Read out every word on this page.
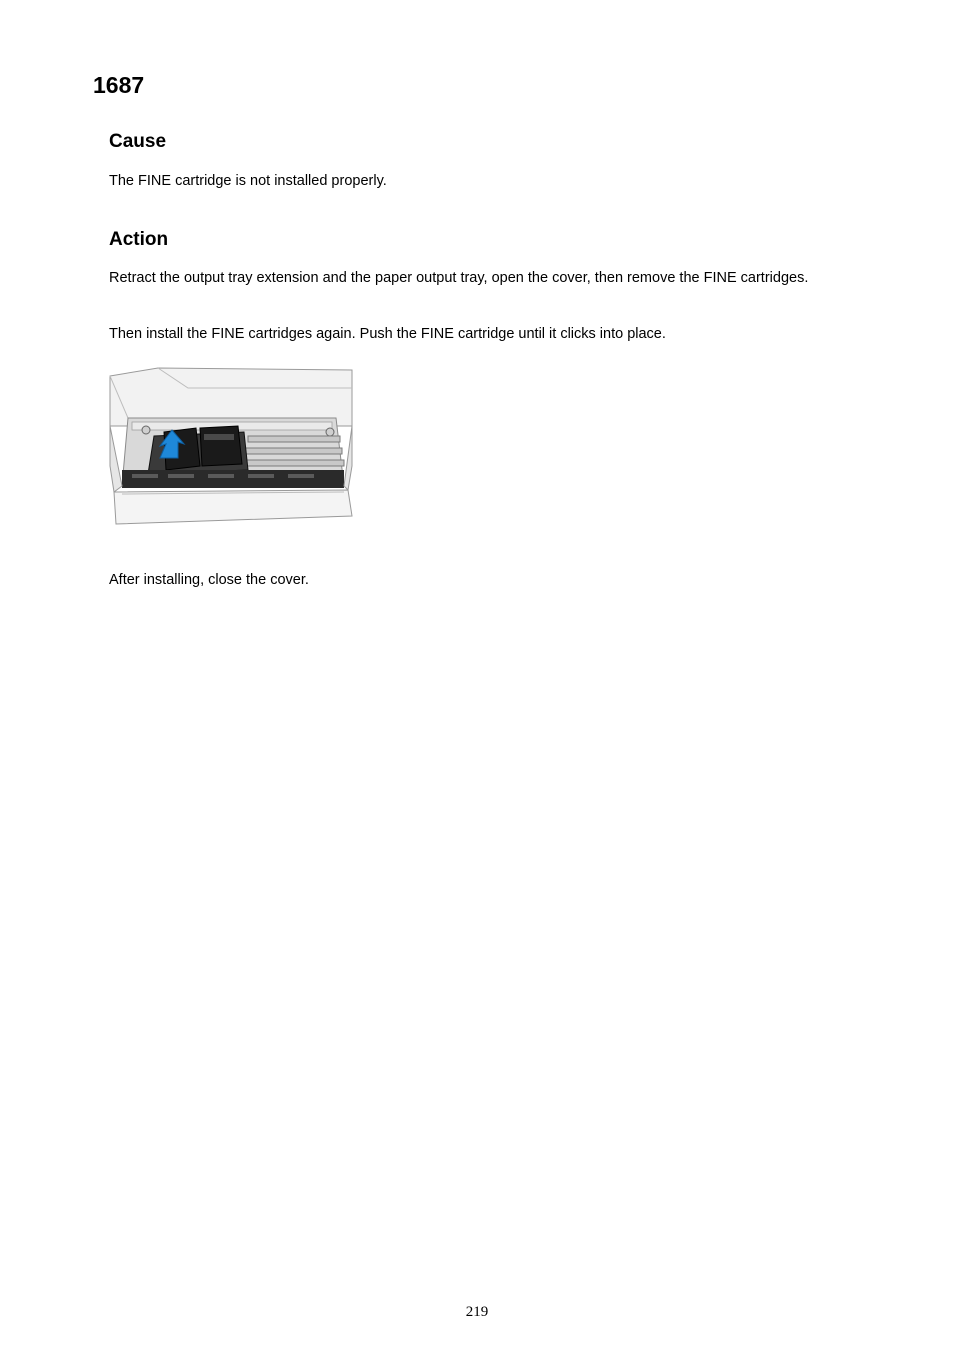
1687
Cause

The FINE cartridge is not installed properly.

Action

Retract the output tray extension and the paper output tray, open the cover, then remove the FINE cartridges.

Then install the FINE cartridges again. Push the FINE cartridge until it clicks into place.

After installing, close the cover.

219
